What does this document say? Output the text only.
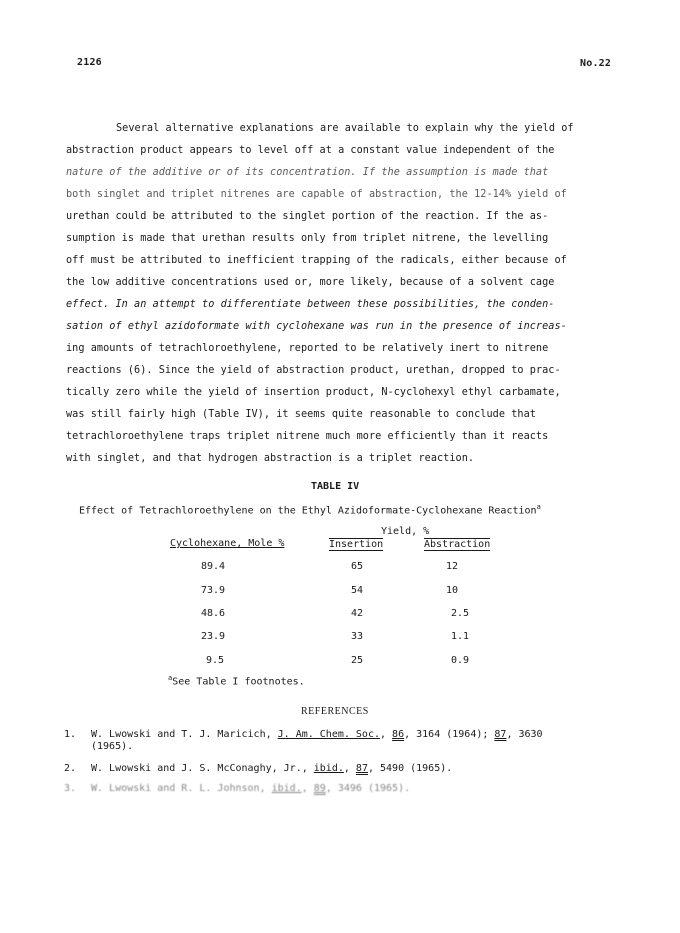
2126	No.22
Several alternative explanations are available to explain why the yield of
abstraction product appears to level off at a constant value independent of the
nature of the additive or of its concentration. If the assumption is made that
both singlet and triplet nitrenes are capable of abstraction, the 12-14% yield of
urethan could be attributed to the singlet portion of the reaction. If the as-
sumption is made that urethan results only from triplet nitrene, the levelling
off must be attributed to inefficient trapping of the radicals, either because of
the low additive concentrations used or, more likely, because of a solvent cage
effect. In an attempt to differentiate between these possibilities, the conden-
sation of ethyl azidoformate with cyclohexane was run in the presence of increas-
ing amounts of tetrachloroethylene, reported to be relatively inert to nitrene
reactions (6). Since the yield of abstraction product, urethan, dropped to prac-
tically zero while the yield of insertion product, N-cyclohexyl ethyl carbamate,
was still fairly high (Table IV), it seems quite reasonable to conclude that
tetrachloroethylene traps triplet nitrene much more efficiently than it reacts
with singlet, and that hydrogen abstraction is a triplet reaction.
TABLE IV
Effect of Tetrachloroethylene on the Ethyl Azidoformate-Cyclohexane Reaction$^a$
Yield, %
Cyclohexane, Mole %	Insertion	Abstraction
89.4	65	12
73.9	54	10
48.6	42	2.5
23.9	33	1.1
9.5	25	0.9
$^a$See Table I footnotes.
REFERENCES
1. W. Lwowski and T. J. Maricich, J. Am. Chem. Soc., 86, 3164 (1964); 87, 3630
(1965).
2. W. Lwowski and J. S. McConaghy, Jr., ibid., 87, 5490 (1965).
3. W. Lwowski and R. L. Johnson, ibid., 89, 3496 (1965).
